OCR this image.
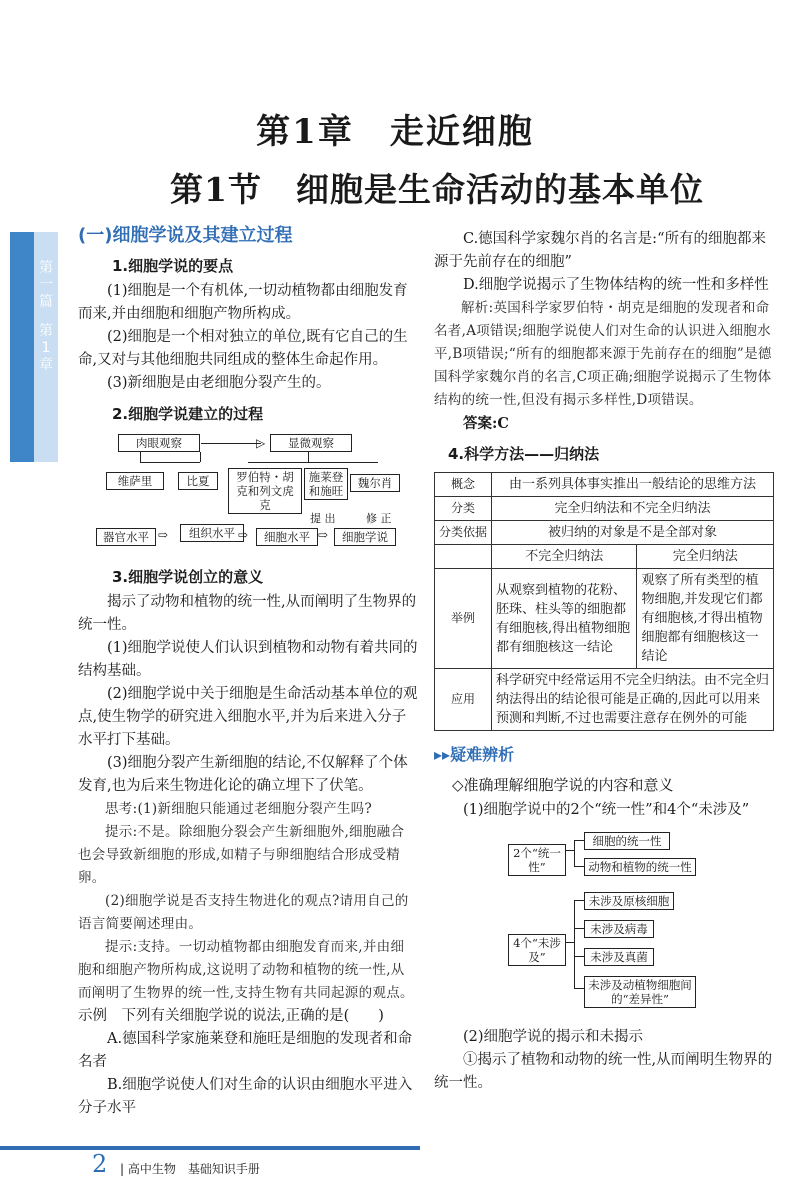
第一篇
第1章
第1章　走近细胞
第1节　细胞是生命活动的基本单位
(一)细胞学说及其建立过程
1.细胞学说的要点

(1)细胞是一个有机体,一切动植物都由细胞发育而来,并由细胞和细胞产物所构成。

(2)细胞是一个相对独立的单位,既有它自己的生命,又对与其他细胞共同组成的整体生命起作用。

(3)新细胞是由老细胞分裂产生的。

2.细胞学说建立的过程
肉眼观察	▷	显微观察
维萨里	比夏	罗伯特・胡克和列文虎克
施莱登和施旺
魏尔肖
器官水平	组织水平	细胞水平	细胞学说
⇨	⇨	⇨
提 出	修 正
3.细胞学说创立的意义

揭示了动物和植物的统一性,从而阐明了生物界的统一性。

(1)细胞学说使人们认识到植物和动物有着共同的结构基础。

(2)细胞学说中关于细胞是生命活动基本单位的观点,使生物学的研究进入细胞水平,并为后来进入分子水平打下基础。

(3)细胞分裂产生新细胞的结论,不仅解释了个体发育,也为后来生物进化论的确立埋下了伏笔。

思考:(1)新细胞只能通过老细胞分裂产生吗?

提示:不是。除细胞分裂会产生新细胞外,细胞融合也会导致新细胞的形成,如精子与卵细胞结合形成受精卵。

(2)细胞学说是否支持生物进化的观点?请用自己的语言简要阐述理由。

提示:支持。一切动植物都由细胞发育而来,并由细胞和细胞产物所构成,这说明了动物和植物的统一性,从而阐明了生物界的统一性,支持生物有共同起源的观点。

示例　下列有关细胞学说的说法,正确的是(　　)

A.德国科学家施莱登和施旺是细胞的发现者和命名者

B.细胞学说使人们对生命的认识由细胞水平进入分子水平

C.德国科学家魏尔肖的名言是:“所有的细胞都来源于先前存在的细胞”

D.细胞学说揭示了生物体结构的统一性和多样性

解析:英国科学家罗伯特・胡克是细胞的发现者和命名者,A项错误;细胞学说使人们对生命的认识进入细胞水平,B项错误;“所有的细胞都来源于先前存在的细胞”是德国科学家魏尔肖的名言,C项正确;细胞学说揭示了生物体结构的统一性,但没有揭示多样性,D项错误。

答案:C

4.科学方法——归纳法
概念	由一系列具体事实推出一般结论的思维方法	
分类	完全归纳法和不完全归纳法	
分类依据	被归纳的对象是不是全部对象	
	不完全归纳法	完全归纳法
举例	从观察到植物的花粉、胚珠、柱头等的细胞都有细胞核,得出植物细胞都有细胞核这一结论	观察了所有类型的植物细胞,并发现它们都有细胞核,才得出植物细胞都有细胞核这一结论
应用	科学研究中经常运用不完全归纳法。由不完全归纳法得出的结论很可能是正确的,因此可以用来预测和判断,不过也需要注意存在例外的可能	
▸▸疑难辨析
◇准确理解细胞学说的内容和意义

(1)细胞学说中的2个“统一性”和4个“未涉及”

2个“统一性”
细胞的统一性
动物和植物的统一性
4个“未涉及”
未涉及原核细胞
未涉及病毒
未涉及真菌
未涉及动植物细胞间的“差异性”

(2)细胞学说的揭示和未揭示

①揭示了植物和动物的统一性,从而阐明生物界的统一性。

2 | 高中生物　基础知识手册
